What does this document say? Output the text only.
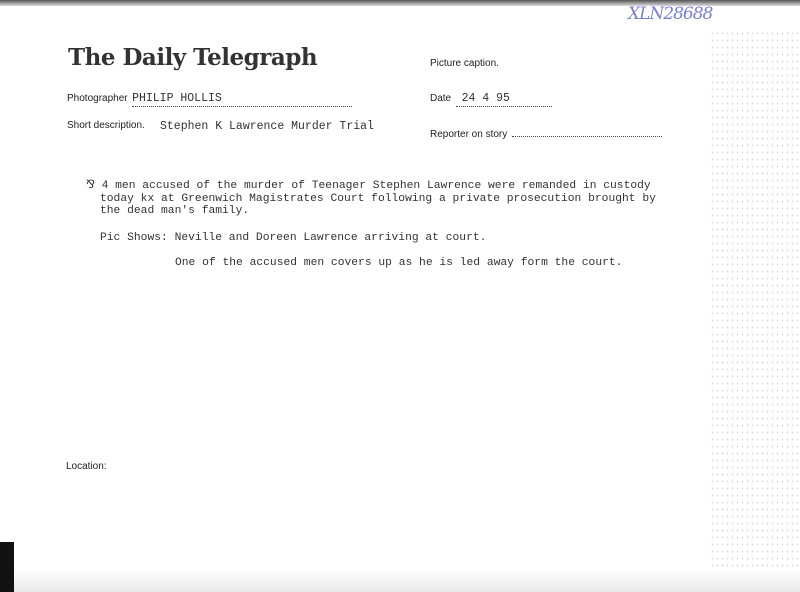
XLN28688
The Daily Telegraph	Picture caption.
Photographer PHILIP HOLLIS	Date 24 4 95
Short description. Stephen K Lawrence Murder Trial
Reporter on story
⅋ 4 men accused of the murder of Teenager Stephen Lawrence were remanded in custody
today kx at Greenwich Magistrates Court following a private prosecution brought by
the dead man's family.
Pic Shows: Neville and Doreen Lawrence arriving at court.
One of the accused men covers up as he is led away form the court.
Location:
